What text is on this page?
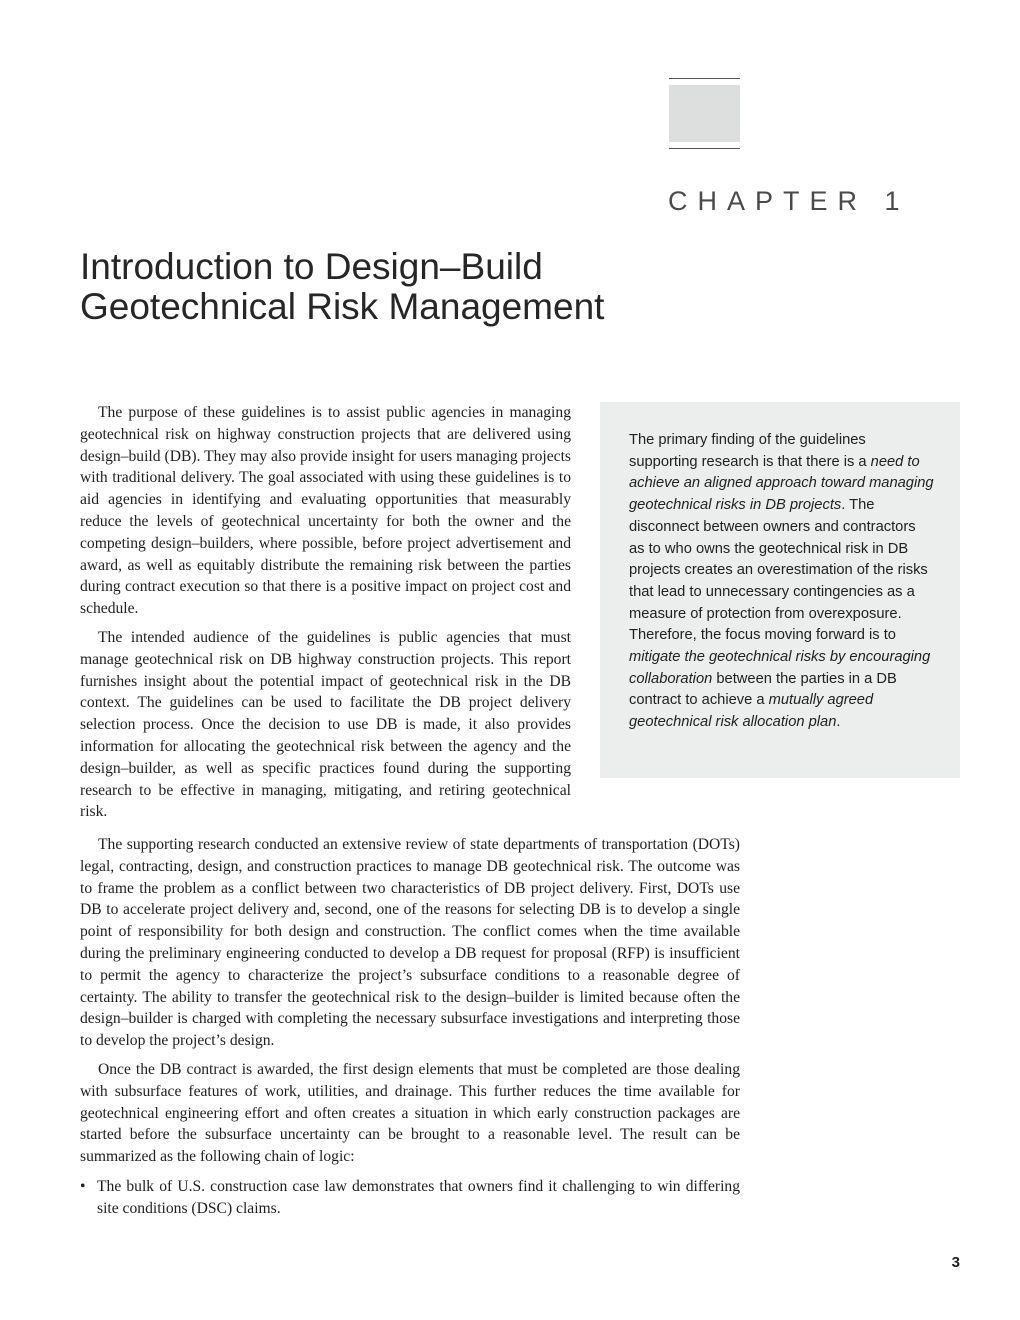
CHAPTER 1
Introduction to Design–Build
Geotechnical Risk Management

The purpose of these guidelines is to assist public agencies in managing geotechnical risk on highway construction projects that are delivered using design–build (DB). They may also provide insight for users managing projects with traditional delivery. The goal associated with using these guidelines is to aid agencies in identifying and evaluating opportunities that measurably reduce the levels of geotechnical uncertainty for both the owner and the competing design–builders, where possible, before project advertisement and award, as well as equitably distribute the remaining risk between the parties during contract execution so that there is a positive impact on project cost and schedule.

The intended audience of the guidelines is public agencies that must manage geotechnical risk on DB highway construction projects. This report furnishes insight about the potential impact of geotechnical risk in the DB context. The guidelines can be used to facilitate the DB project delivery selection process. Once the decision to use DB is made, it also provides information for allocating the geotechnical risk between the agency and the design–builder, as well as specific practices found during the supporting research to be effective in managing, mitigating, and retiring geotechnical risk.

The primary finding of the guidelines supporting research is that there is a need to achieve an aligned approach toward managing geotechnical risks in DB projects. The disconnect between owners and contractors as to who owns the geotechnical risk in DB projects creates an overestimation of the risks that lead to unnecessary contingencies as a measure of protection from overexposure. Therefore, the focus moving forward is to mitigate the geotechnical risks by encouraging collaboration between the parties in a DB contract to achieve a mutually agreed geotechnical risk allocation plan.

The supporting research conducted an extensive review of state departments of transportation (DOTs) legal, contracting, design, and construction practices to manage DB geotechnical risk. The outcome was to frame the problem as a conflict between two characteristics of DB project delivery. First, DOTs use DB to accelerate project delivery and, second, one of the reasons for selecting DB is to develop a single point of responsibility for both design and construction. The conflict comes when the time available during the preliminary engineering conducted to develop a DB request for proposal (RFP) is insufficient to permit the agency to characterize the project’s subsurface conditions to a reasonable degree of certainty. The ability to transfer the geotechnical risk to the design–builder is limited because often the design–builder is charged with completing the necessary subsurface investigations and interpreting those to develop the project’s design.

Once the DB contract is awarded, the first design elements that must be completed are those dealing with subsurface features of work, utilities, and drainage. This further reduces the time available for geotechnical engineering effort and often creates a situation in which early construction packages are started before the subsurface uncertainty can be brought to a reasonable level. The result can be summarized as the following chain of logic:

• The bulk of U.S. construction case law demonstrates that owners find it challenging to win differing site conditions (DSC) claims.
3
